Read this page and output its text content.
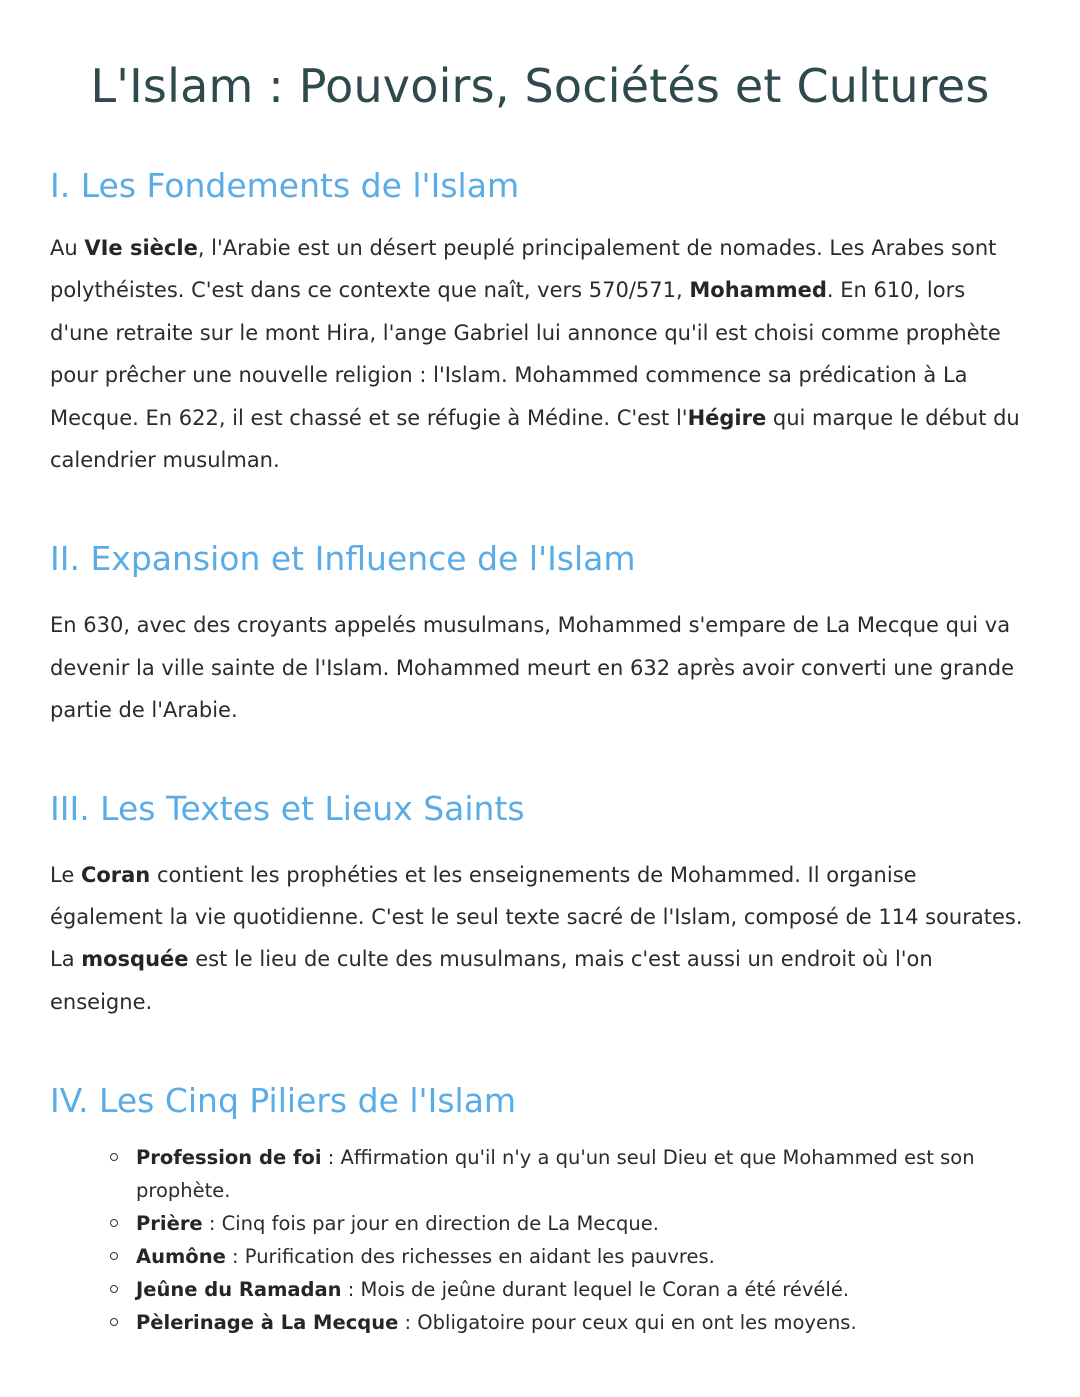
L'Islam : Pouvoirs, Sociétés et Cultures
I. Les Fondements de l'Islam

Au VIe siècle, l'Arabie est un désert peuplé principalement de nomades. Les Arabes sont polythéistes. C'est dans ce contexte que naît, vers 570/571, Mohammed. En 610, lors d'une retraite sur le mont Hira, l'ange Gabriel lui annonce qu'il est choisi comme prophète pour prêcher une nouvelle religion : l'Islam. Mohammed commence sa prédication à La Mecque. En 622, il est chassé et se réfugie à Médine. C'est l'Hégire qui marque le début du calendrier musulman.

II. Expansion et Influence de l'Islam

En 630, avec des croyants appelés musulmans, Mohammed s'empare de La Mecque qui va devenir la ville sainte de l'Islam. Mohammed meurt en 632 après avoir converti une grande partie de l'Arabie.

III. Les Textes et Lieux Saints

Le Coran contient les prophéties et les enseignements de Mohammed. Il organise également la vie quotidienne. C'est le seul texte sacré de l'Islam, composé de 114 sourates. La mosquée est le lieu de culte des musulmans, mais c'est aussi un endroit où l'on enseigne.

IV. Les Cinq Piliers de l'Islam
Profession de foi : Affirmation qu'il n'y a qu'un seul Dieu et que Mohammed est son prophète.
Prière : Cinq fois par jour en direction de La Mecque.
Aumône : Purification des richesses en aidant les pauvres.
Jeûne du Ramadan : Mois de jeûne durant lequel le Coran a été révélé.
Pèlerinage à La Mecque : Obligatoire pour ceux qui en ont les moyens.
